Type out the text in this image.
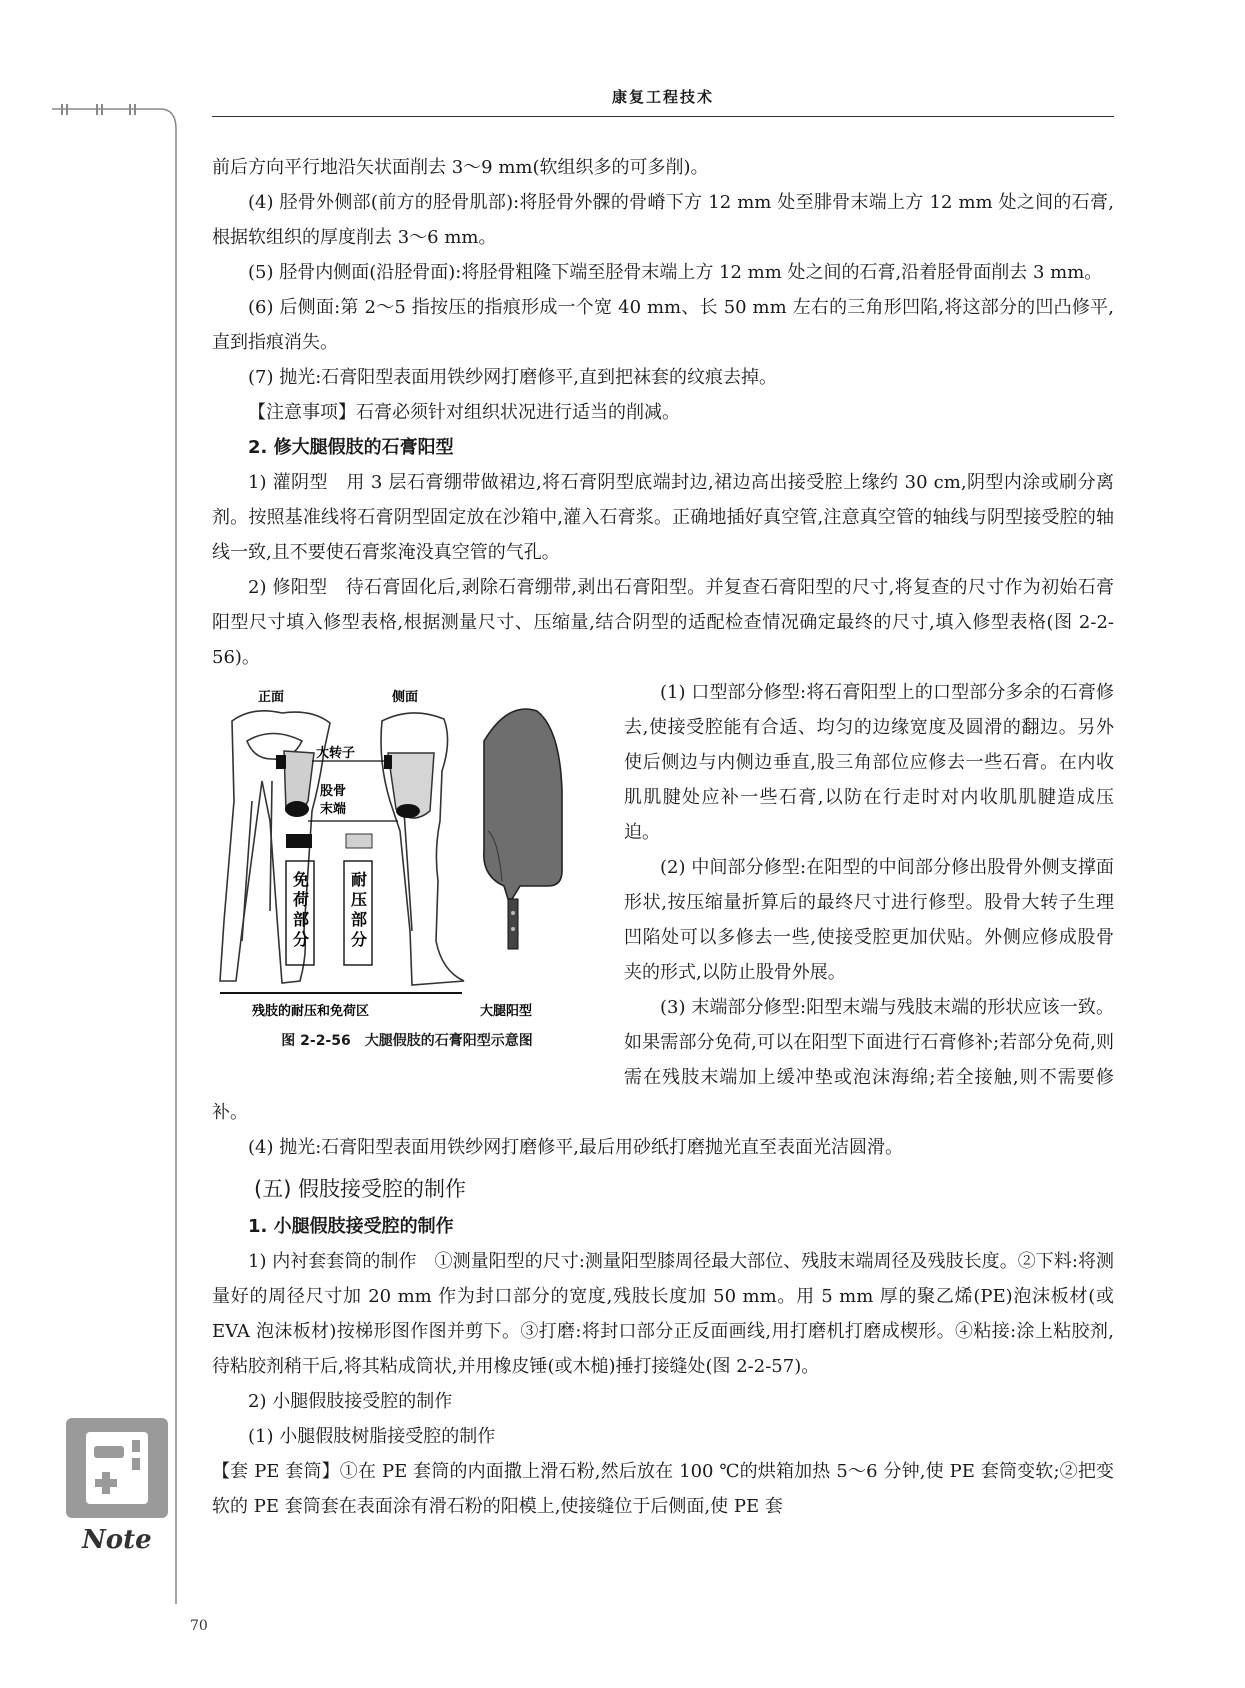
康复工程技术

前后方向平行地沿矢状面削去 3～9 mm(软组织多的可多削)。

(4) 胫骨外侧部(前方的胫骨肌部):将胫骨外髁的骨嵴下方 12 mm 处至腓骨末端上方 12 mm 处之间的石膏,根据软组织的厚度削去 3～6 mm。

(5) 胫骨内侧面(沿胫骨面):将胫骨粗隆下端至胫骨末端上方 12 mm 处之间的石膏,沿着胫骨面削去 3 mm。

(6) 后侧面:第 2～5 指按压的指痕形成一个宽 40 mm、长 50 mm 左右的三角形凹陷,将这部分的凹凸修平,直到指痕消失。

(7) 抛光:石膏阳型表面用铁纱网打磨修平,直到把袜套的纹痕去掉。

【注意事项】石膏必须针对组织状况进行适当的削减。

2. 修大腿假肢的石膏阳型

1) 灌阴型　用 3 层石膏绷带做裙边,将石膏阴型底端封边,裙边高出接受腔上缘约 30 cm,阴型内涂或刷分离剂。按照基准线将石膏阴型固定放在沙箱中,灌入石膏浆。正确地插好真空管,注意真空管的轴线与阴型接受腔的轴线一致,且不要使石膏浆淹没真空管的气孔。

2) 修阳型　待石膏固化后,剥除石膏绷带,剥出石膏阳型。并复查石膏阳型的尺寸,将复查的尺寸作为初始石膏阳型尺寸填入修型表格,根据测量尺寸、压缩量,结合阴型的适配检查情况确定最终的尺寸,填入修型表格(图 2-2-56)。

正面	侧面
大转子
股骨
末端
免荷部分 耐压部分
残肢的耐压和免荷区	大腿阳型
图 2-2-56　大腿假肢的石膏阳型示意图

(1) 口型部分修型:将石膏阳型上的口型部分多余的石膏修去,使接受腔能有合适、均匀的边缘宽度及圆滑的翻边。另外使后侧边与内侧边垂直,股三角部位应修去一些石膏。在内收肌肌腱处应补一些石膏,以防在行走时对内收肌肌腱造成压迫。

(2) 中间部分修型:在阳型的中间部分修出股骨外侧支撑面形状,按压缩量折算后的最终尺寸进行修型。股骨大转子生理凹陷处可以多修去一些,使接受腔更加伏贴。外侧应修成股骨夹的形式,以防止股骨外展。

(3) 末端部分修型:阳型末端与残肢末端的形状应该一致。如果需部分免荷,可以在阳型下面进行石膏修补;若部分免荷,则需在残肢末端加上缓冲垫或泡沫海绵;若全接触,则不需要修补。

(4) 抛光:石膏阳型表面用铁纱网打磨修平,最后用砂纸打磨抛光直至表面光洁圆滑。

(五) 假肢接受腔的制作

1. 小腿假肢接受腔的制作

1) 内衬套套筒的制作　①测量阳型的尺寸:测量阳型膝周径最大部位、残肢末端周径及残肢长度。②下料:将测量好的周径尺寸加 20 mm 作为封口部分的宽度,残肢长度加 50 mm。用 5 mm 厚的聚乙烯(PE)泡沫板材(或 EVA 泡沫板材)按梯形图作图并剪下。③打磨:将封口部分正反面画线,用打磨机打磨成楔形。④粘接:涂上粘胶剂,待粘胶剂稍干后,将其粘成筒状,并用橡皮锤(或木槌)捶打接缝处(图 2-2-57)。

2) 小腿假肢接受腔的制作

(1) 小腿假肢树脂接受腔的制作

【套 PE 套筒】①在 PE 套筒的内面撒上滑石粉,然后放在 100 ℃的烘箱加热 5～6 分钟,使 PE 套筒变软;②把变软的 PE 套筒套在表面涂有滑石粉的阳模上,使接缝位于后侧面,使 PE 套

Note
70
